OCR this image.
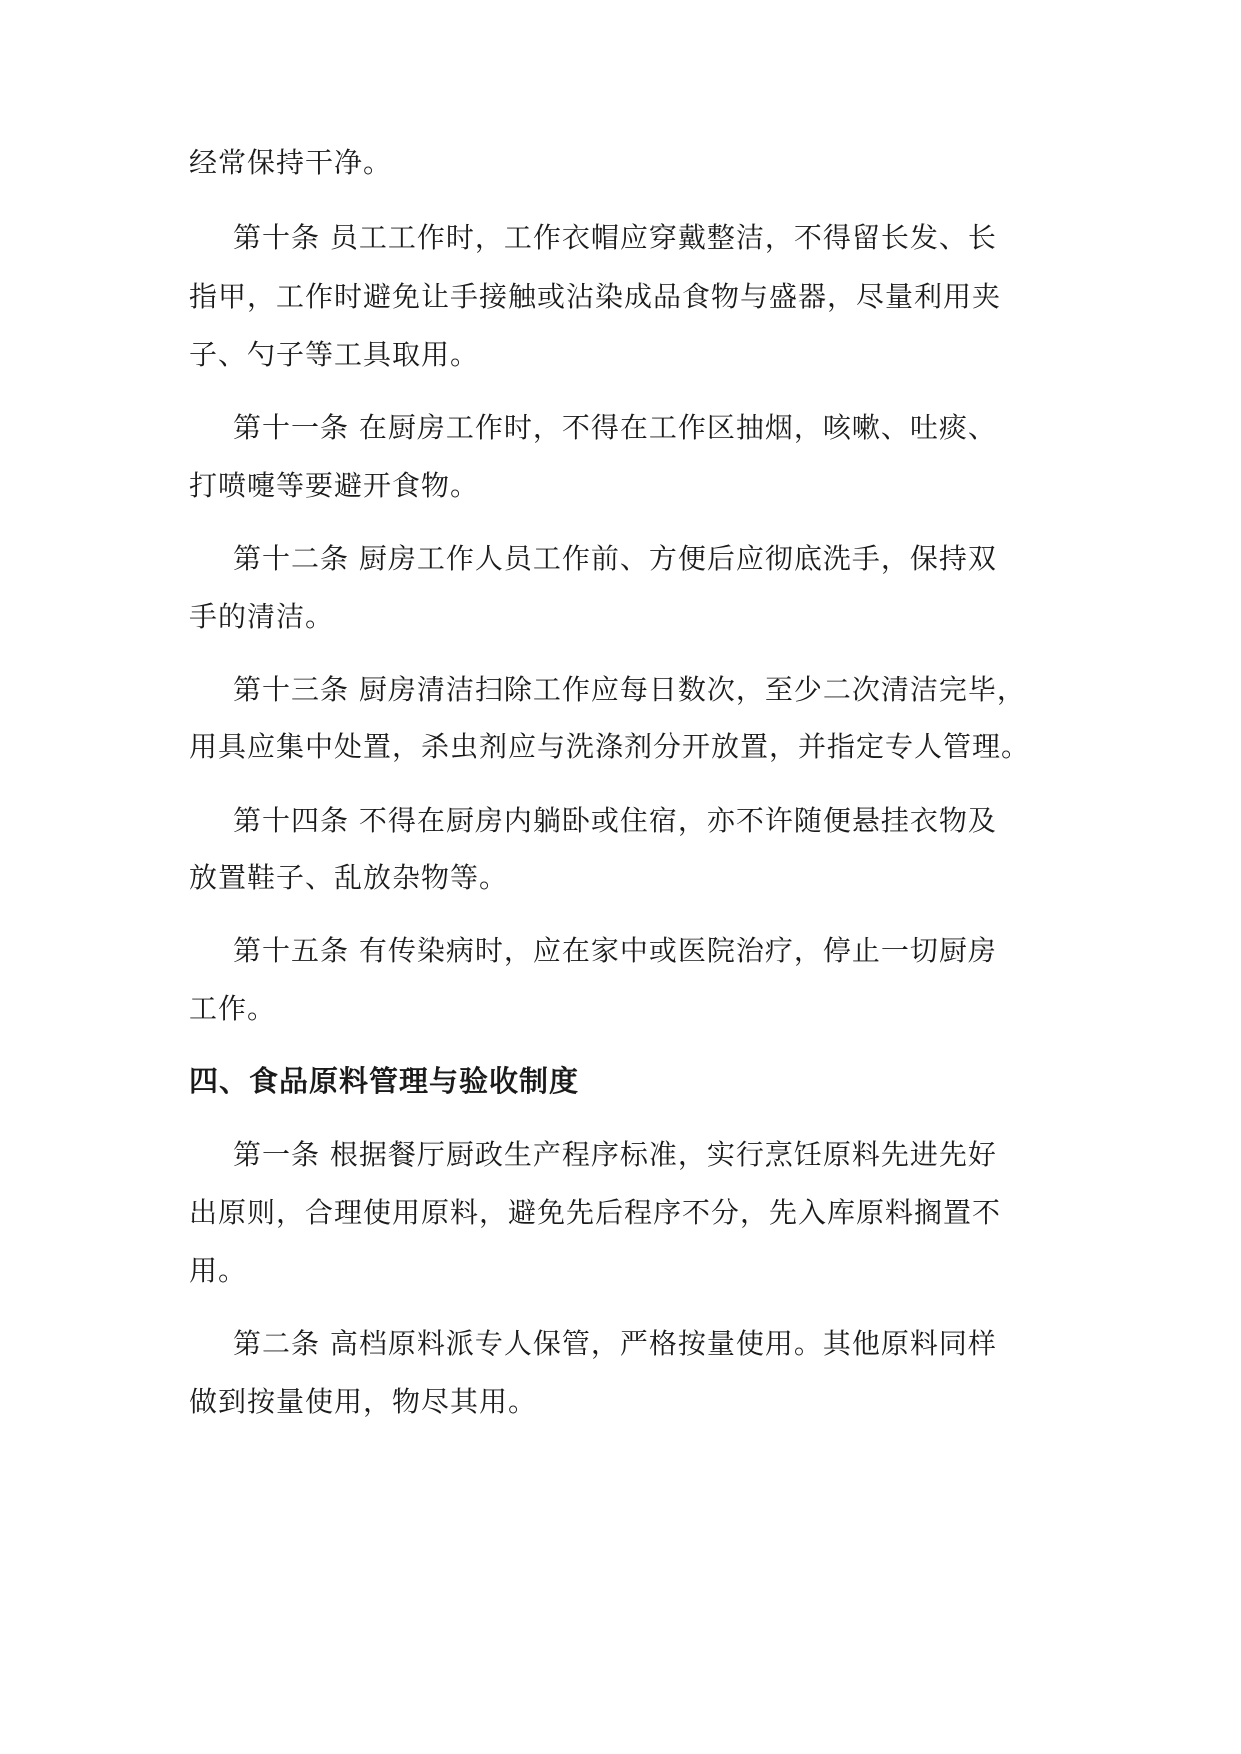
经常保持干净。
第十条 员工工作时，工作衣帽应穿戴整洁，不得留长发、长
指甲，工作时避免让手接触或沾染成品食物与盛器，尽量利用夹
子、勺子等工具取用。
第十一条 在厨房工作时，不得在工作区抽烟，咳嗽、吐痰、
打喷嚏等要避开食物。
第十二条 厨房工作人员工作前、方便后应彻底洗手，保持双
手的清洁。
第十三条 厨房清洁扫除工作应每日数次，至少二次清洁完毕，
用具应集中处置，杀虫剂应与洗涤剂分开放置，并指定专人管理。
第十四条 不得在厨房内躺卧或住宿，亦不许随便悬挂衣物及
放置鞋子、乱放杂物等。
第十五条 有传染病时，应在家中或医院治疗，停止一切厨房
工作。
四、食品原料管理与验收制度
第一条 根据餐厅厨政生产程序标准，实行烹饪原料先进先好
出原则，合理使用原料，避免先后程序不分，先入库原料搁置不
用。
第二条 高档原料派专人保管，严格按量使用。其他原料同样
做到按量使用，物尽其用。
